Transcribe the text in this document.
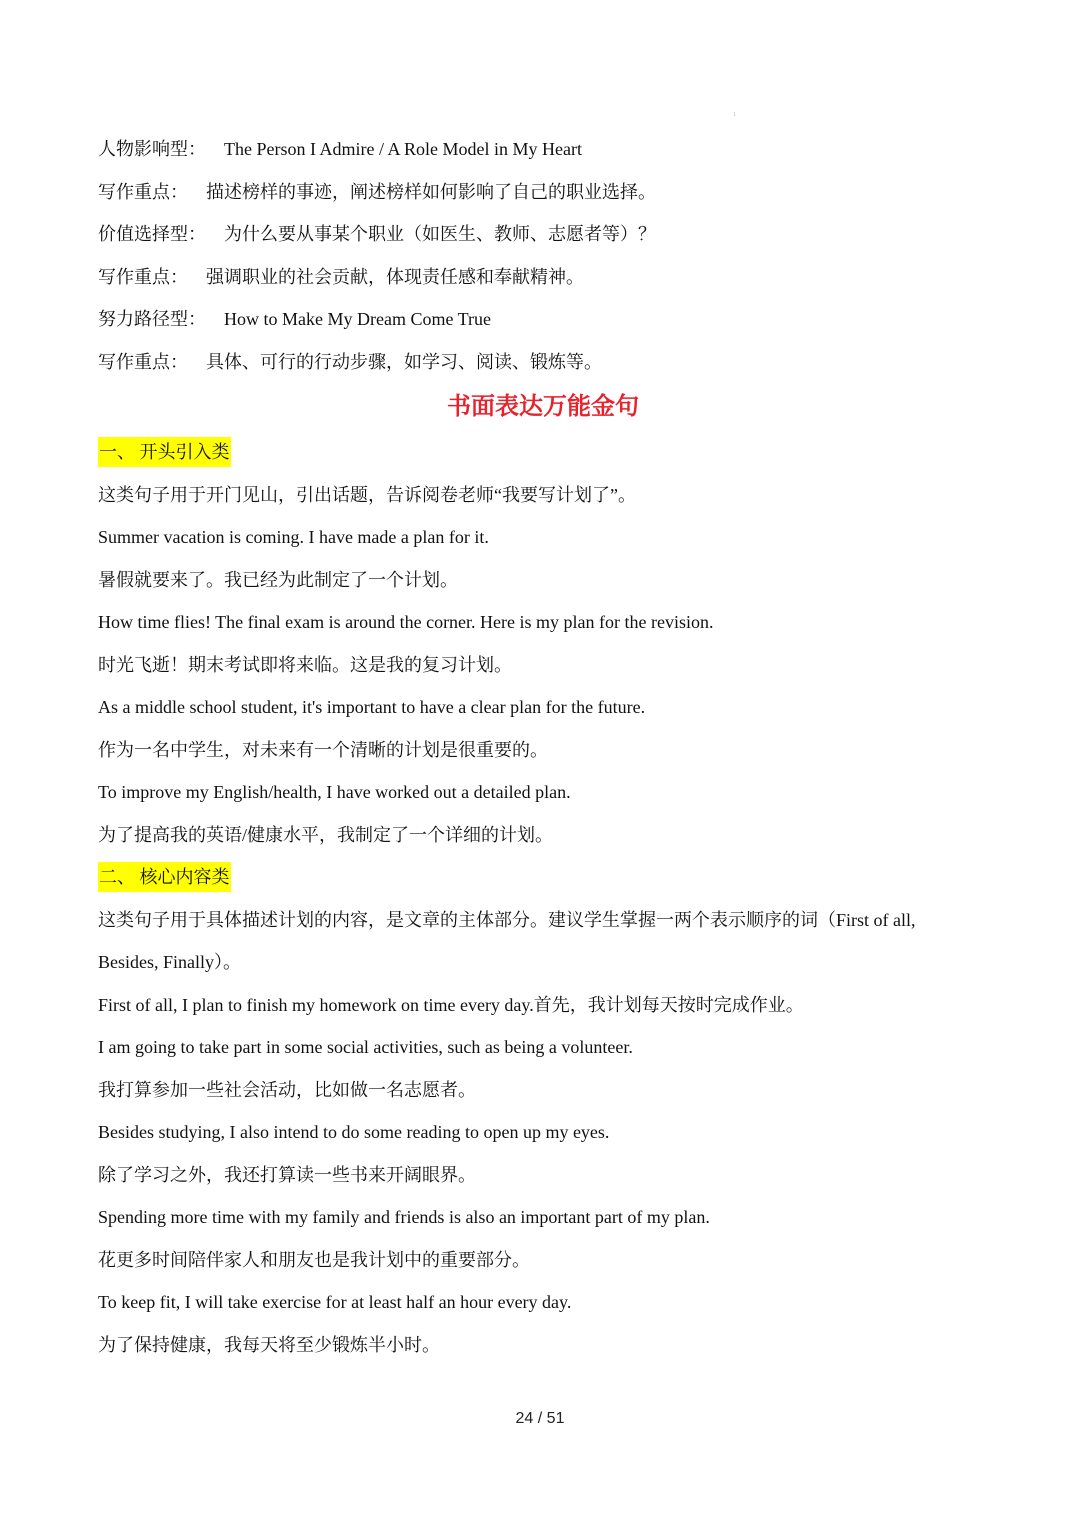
1
人物影响型： The Person I Admire / A Role Model in My Heart
写作重点： 描述榜样的事迹，阐述榜样如何影响了自己的职业选择。
价值选择型： 为什么要从事某个职业（如医生、教师、志愿者等）？
写作重点： 强调职业的社会贡献，体现责任感和奉献精神。
努力路径型： How to Make My Dream Come True
写作重点： 具体、可行的行动步骤，如学习、阅读、锻炼等。
书面表达万能金句
一、 开头引入类
这类句子用于开门见山，引出话题，告诉阅卷老师“我要写计划了”。
Summer vacation is coming. I have made a plan for it.
暑假就要来了。我已经为此制定了一个计划。
How time flies! The final exam is around the corner. Here is my plan for the revision.
时光飞逝！期末考试即将来临。这是我的复习计划。
As a middle school student, it's important to have a clear plan for the future.
作为一名中学生，对未来有一个清晰的计划是很重要的。
To improve my English/health, I have worked out a detailed plan.
为了提高我的英语/健康水平，我制定了一个详细的计划。
二、 核心内容类
这类句子用于具体描述计划的内容，是文章的主体部分。建议学生掌握一两个表示顺序的词（First of all,
Besides, Finally）。
First of all, I plan to finish my homework on time every day.首先，我计划每天按时完成作业。
I am going to take part in some social activities, such as being a volunteer.
我打算参加一些社会活动，比如做一名志愿者。
Besides studying, I also intend to do some reading to open up my eyes.
除了学习之外，我还打算读一些书来开阔眼界。
Spending more time with my family and friends is also an important part of my plan.
花更多时间陪伴家人和朋友也是我计划中的重要部分。
To keep fit, I will take exercise for at least half an hour every day.
为了保持健康，我每天将至少锻炼半小时。
24 / 51
